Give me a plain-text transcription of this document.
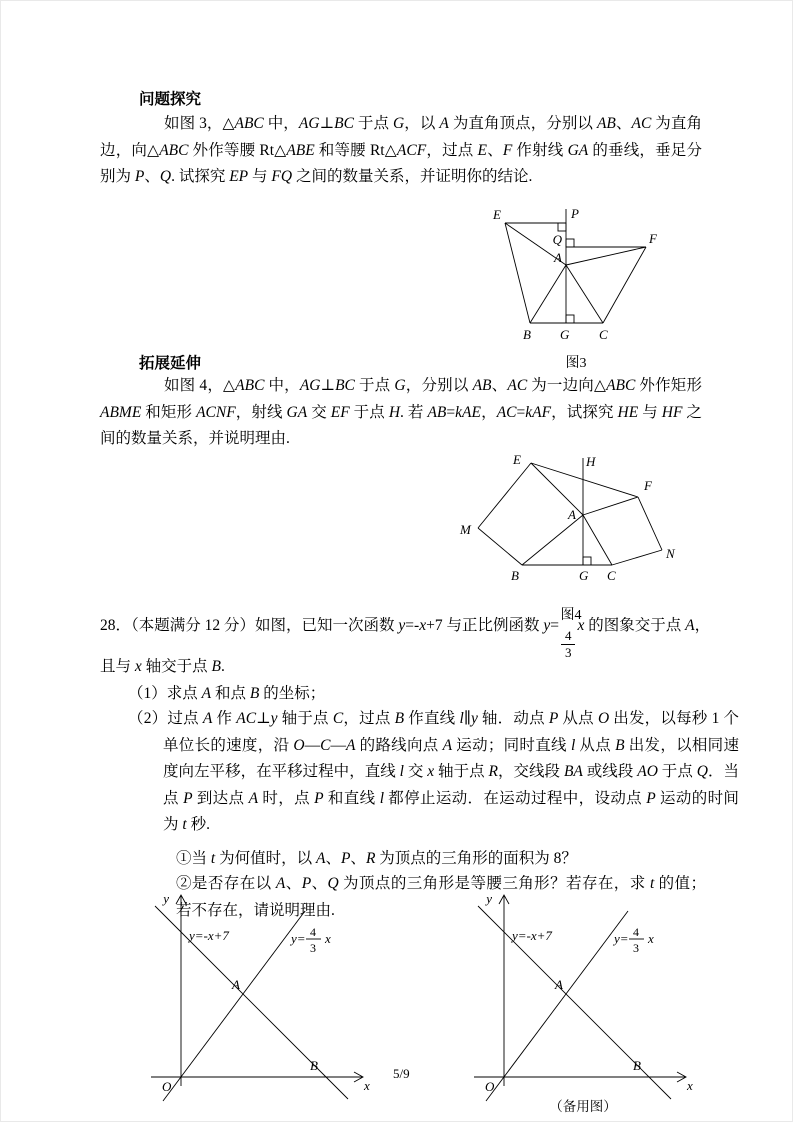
问题探究
如图 3，△ABC 中，AG⊥BC 于点 G，以 A 为直角顶点，分别以 AB、AC 为直角边，向△ABC 外作等腰 Rt△ABE 和等腰 Rt△ACF，过点 E、F 作射线 GA 的垂线，垂足分别为 P、Q. 试探究 EP 与 FQ 之间的数量关系，并证明你的结论.
P
E
Q	F
A
B G C
图3
拓展延伸
如图 4，△ABC 中，AG⊥BC 于点 G，分别以 AB、AC 为一边向△ABC 外作矩形 ABME 和矩形 ACNF，射线 GA 交 EF 于点 H. 若 AB=kAE，AC=kAF，试探究 HE 与 HF 之间的数量关系，并说明理由.
E	H
F
M
A
N
B	G C
图4
28．（本题满分 12 分）如图，已知一次函数 y=-x+7 与正比例函数 y=
$\frac{4}{3}$
x 的图象交于点 A，
且与 x 轴交于点 B.
（1）求点 A 和点 B 的坐标；
（2）过点 A 作 AC⊥y 轴于点 C，过点 B 作直线 l∥y 轴．动点 P 从点 O 出发，以每秒 1 个单位长的速度，沿 O—C—A 的路线向点 A 运动；同时直线 l 从点 B 出发，以相同速度向左平移，在平移过程中，直线 l 交 x 轴于点 R，交线段 BA 或线段 AO 于点 Q．当点 P 到达点 A 时，点 P 和直线 l 都停止运动．在运动过程中，设动点 P 运动的时间为 t 秒.
①当 t 为何值时，以 A、P、R 为顶点的三角形的面积为 8？
②是否存在以 A、P、Q 为顶点的三角形是等腰三角形？若存在，求 t 的值；若不存在，请说明理由.
y
x
O
y=-x+7	y= 4
3
x
A
B
y
x
O
y=-x+7	y= 4
3
x
A
B
5/9
（备用图）
